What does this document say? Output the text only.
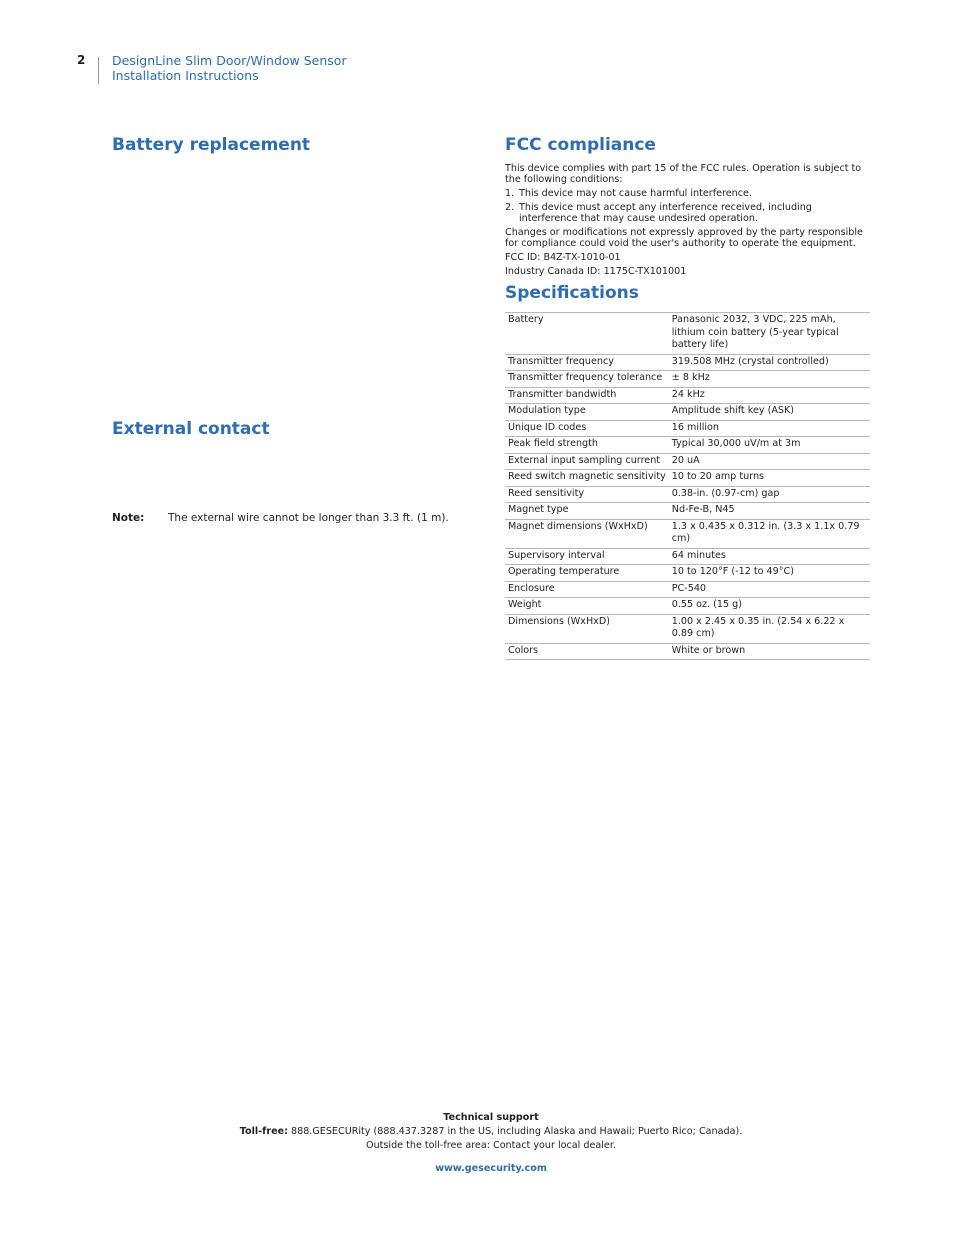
2 DesignLine Slim Door/Window Sensor
Installation Instructions
Battery replacement
External contact
Note: The external wire cannot be longer than 3.3 ft. (1 m).
FCC compliance
This device complies with part 15 of the FCC rules. Operation is subject to the following conditions:
1. This device may not cause harmful interference.
2. This device must accept any interference received, including interference that may cause undesired operation.
Changes or modifications not expressly approved by the party responsible for compliance could void the user's authority to operate the equipment.
FCC ID: B4Z-TX-1010-01
Industry Canada ID: 1175C-TX101001
Specifications
Battery	Panasonic 2032, 3 VDC, 225 mAh, lithium coin battery (5-year typical battery life)
Transmitter frequency	319.508 MHz (crystal controlled)
Transmitter frequency tolerance	± 8 kHz
Transmitter bandwidth	24 kHz
Modulation type	Amplitude shift key (ASK)
Unique ID codes	16 million
Peak field strength	Typical 30,000 uV/m at 3m
External input sampling current	20 uA
Reed switch magnetic sensitivity	10 to 20 amp turns
Reed sensitivity	0.38-in. (0.97-cm) gap
Magnet type	Nd-Fe-B, N45
Magnet dimensions (WxHxD)	1.3 x 0.435 x 0.312 in. (3.3 x 1.1x 0.79 cm)
Supervisory interval	64 minutes
Operating temperature	10 to 120°F (-12 to 49°C)
Enclosure	PC-540
Weight	0.55 oz. (15 g)
Dimensions (WxHxD)	1.00 x 2.45 x 0.35 in. (2.54 x 6.22 x 0.89 cm)
Colors	White or brown
Technical support
Toll-free: 888.GESECURity (888.437.3287 in the US, including Alaska and Hawaii; Puerto Rico; Canada).
Outside the toll-free area: Contact your local dealer.
www.gesecurity.com
